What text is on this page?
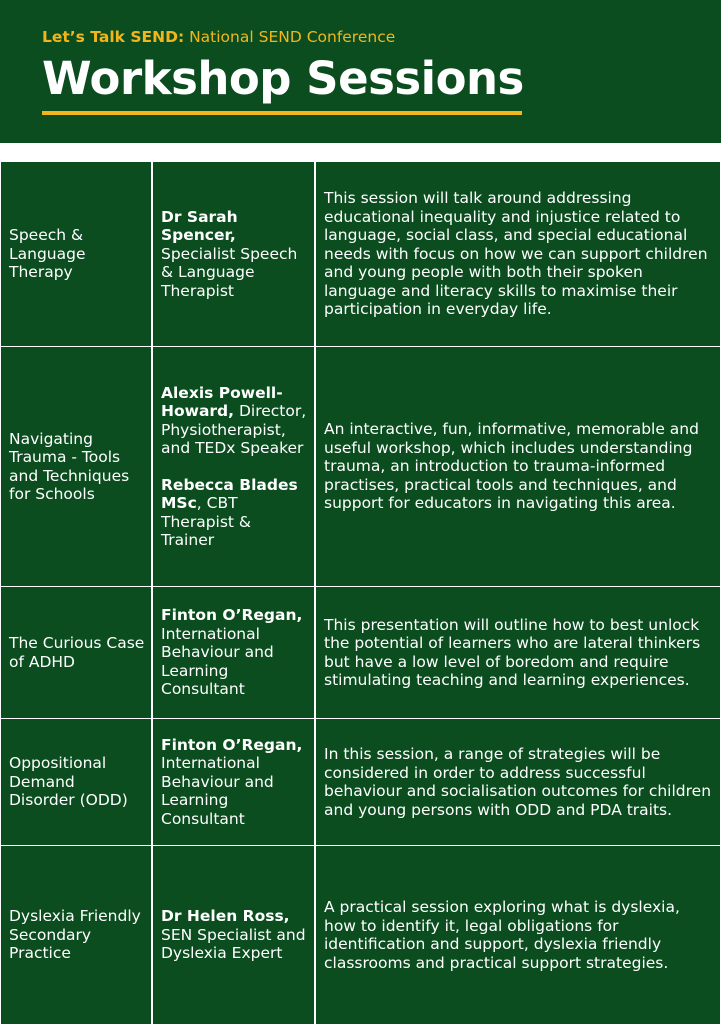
Let’s Talk SEND: National SEND Conference
Workshop Sessions
Speech & Language Therapy
Dr Sarah Spencer, Specialist Speech & Language Therapist
This session will talk around addressing educational inequality and injustice related to language, social class, and special educational needs with focus on how we can support children and young people with both their spoken language and literacy skills to maximise their participation in everyday life.
Navigating Trauma - Tools and Techniques for Schools
Alexis Powell-Howard, Director, Physiotherapist, and TEDx Speaker
Rebecca Blades MSc, CBT Therapist & Trainer
An interactive, fun, informative, memorable and useful workshop, which includes understanding trauma, an introduction to trauma-informed practises, practical tools and techniques, and support for educators in navigating this area.
The Curious Case of ADHD
Finton O’Regan, International Behaviour and Learning Consultant
This presentation will outline how to best unlock the potential of learners who are lateral thinkers but have a low level of boredom and require stimulating teaching and learning experiences.
Oppositional Demand Disorder (ODD)
Finton O’Regan, International Behaviour and Learning Consultant
In this session, a range of strategies will be considered in order to address successful behaviour and socialisation outcomes for children and young persons with ODD and PDA traits.
Dyslexia Friendly Secondary Practice
Dr Helen Ross, SEN Specialist and Dyslexia Expert
A practical session exploring what is dyslexia, how to identify it, legal obligations for identification and support, dyslexia friendly classrooms and practical support strategies.
